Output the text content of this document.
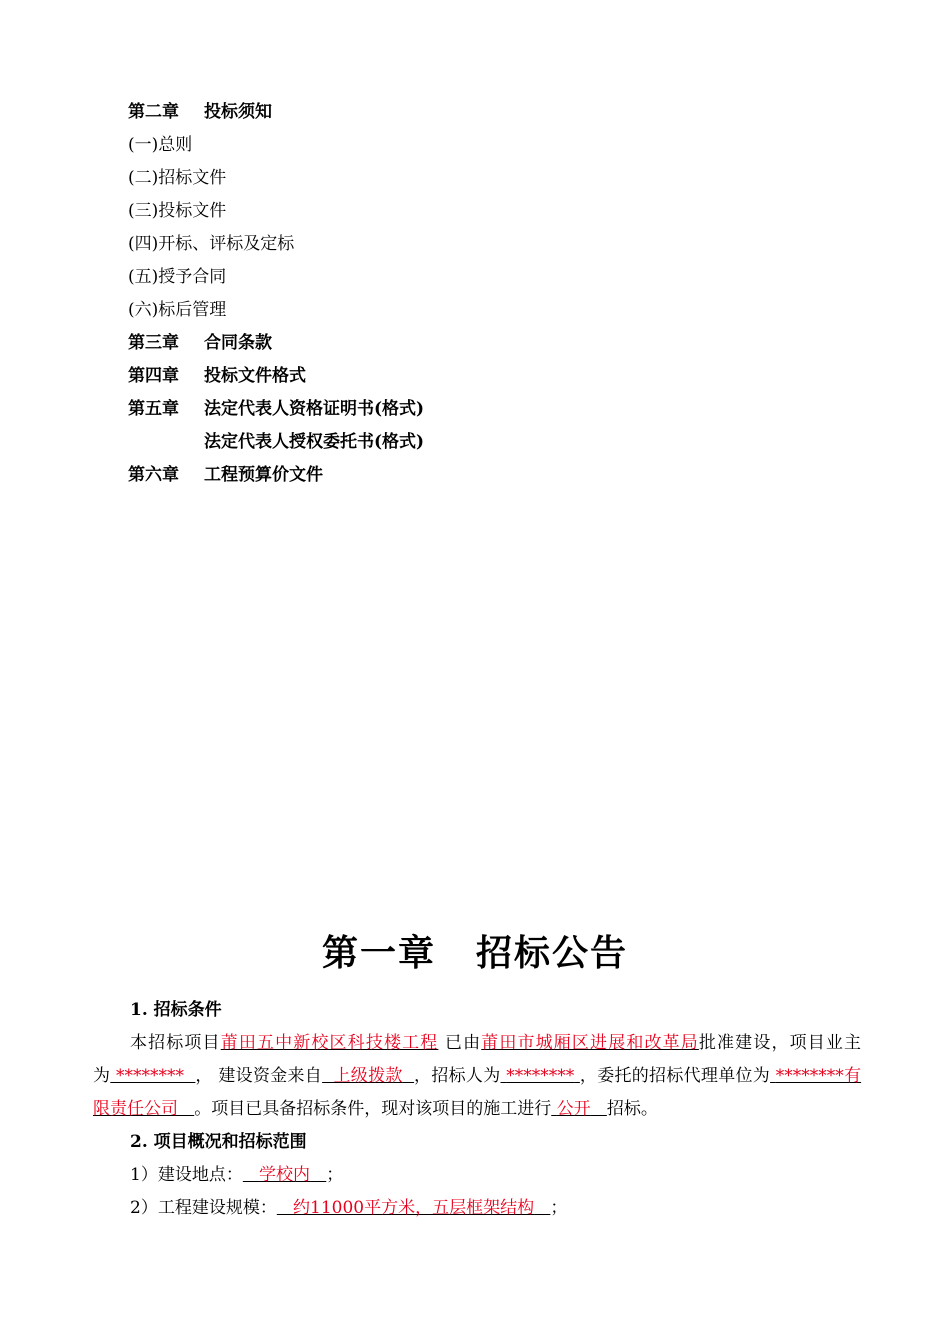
第二章 投标须知
(一)总则
(二)招标文件
(三)投标文件
(四)开标、评标及定标
(五)授予合同
(六)标后管理
第三章 合同条款
第四章 投标文件格式
第五章 法定代表人资格证明书(格式)
法定代表人授权委托书(格式)
第六章 工程预算价文件
第一章 招标公告
1. 招标条件
本招标项目莆田五中新校区科技楼工程 已由莆田市城厢区进展和改革局批准建设，项目业主为 ******** ， 建设资金来自 上级拨款 ，招标人为 ******** ，委托的招标代理单位为 ********有限责任公司 。项目已具备招标条件，现对该项目的施工进行 公开 招标。
2. 项目概况和招标范围
1）建设地点： 学校内 ；
2）工程建设规模： 约11000平方米，五层框架结构 ；
